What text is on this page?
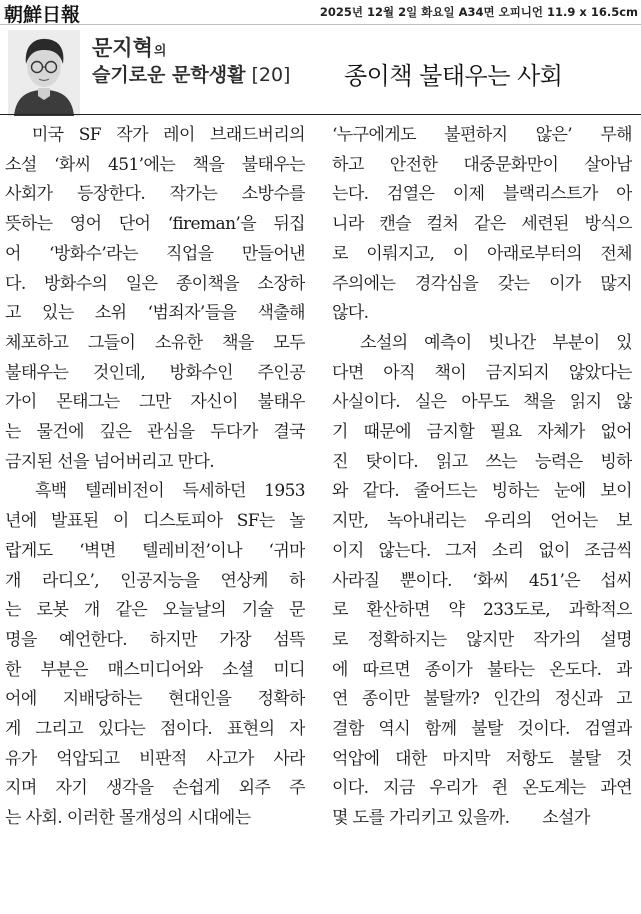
朝鮮日報	2025년 12월 2일 화요일 A34면 오피니언 11.9 x 16.5cm
문지혁의
슬기로운 문학생활 [20] 종이책 불태우는 사회
　미국 SF 작가 레이 브래드버리의
소설 ‘화씨 451’에는 책을 불태우는
사회가 등장한다. 작가는 소방수를
뜻하는 영어 단어 ‘fireman’을 뒤집
어 ‘방화수’라는 직업을 만들어낸
다. 방화수의 일은 종이책을 소장하
고 있는 소위 ‘범죄자’들을 색출해
체포하고 그들이 소유한 책을 모두
불태우는 것인데, 방화수인 주인공
가이 몬태그는 그만 자신이 불태우
는 물건에 깊은 관심을 두다가 결국
금지된 선을 넘어버리고 만다.
　흑백 텔레비전이 득세하던 1953
년에 발표된 이 디스토피아 SF는 놀
랍게도 ‘벽면 텔레비전’이나 ‘귀마
개 라디오’, 인공지능을 연상케 하
는 로봇 개 같은 오늘날의 기술 문
명을 예언한다. 하지만 가장 섬뜩
한 부분은 매스미디어와 소셜 미디
어에 지배당하는 현대인을 정확하
게 그리고 있다는 점이다. 표현의 자
유가 억압되고 비판적 사고가 사라
지며 자기 생각을 손쉽게 외주 주
는 사회. 이러한 몰개성의 시대에는
‘누구에게도 불편하지 않은’ 무해
하고 안전한 대중문화만이 살아남
는다. 검열은 이제 블랙리스트가 아
니라 캔슬 컬처 같은 세련된 방식으
로 이뤄지고, 이 아래로부터의 전체
주의에는 경각심을 갖는 이가 많지
않다.
　소설의 예측이 빗나간 부분이 있
다면 아직 책이 금지되지 않았다는
사실이다. 실은 아무도 책을 읽지 않
기 때문에 금지할 필요 자체가 없어
진 탓이다. 읽고 쓰는 능력은 빙하
와 같다. 줄어드는 빙하는 눈에 보이
지만, 녹아내리는 우리의 언어는 보
이지 않는다. 그저 소리 없이 조금씩
사라질 뿐이다. ‘화씨 451’은 섭씨
로 환산하면 약 233도로, 과학적으
로 정확하지는 않지만 작가의 설명
에 따르면 종이가 불타는 온도다. 과
연 종이만 불탈까? 인간의 정신과 고
결함 역시 함께 불탈 것이다. 검열과
억압에 대한 마지막 저항도 불탈 것
이다. 지금 우리가 쥔 온도계는 과연
몇 도를 가리키고 있을까.　　소설가
